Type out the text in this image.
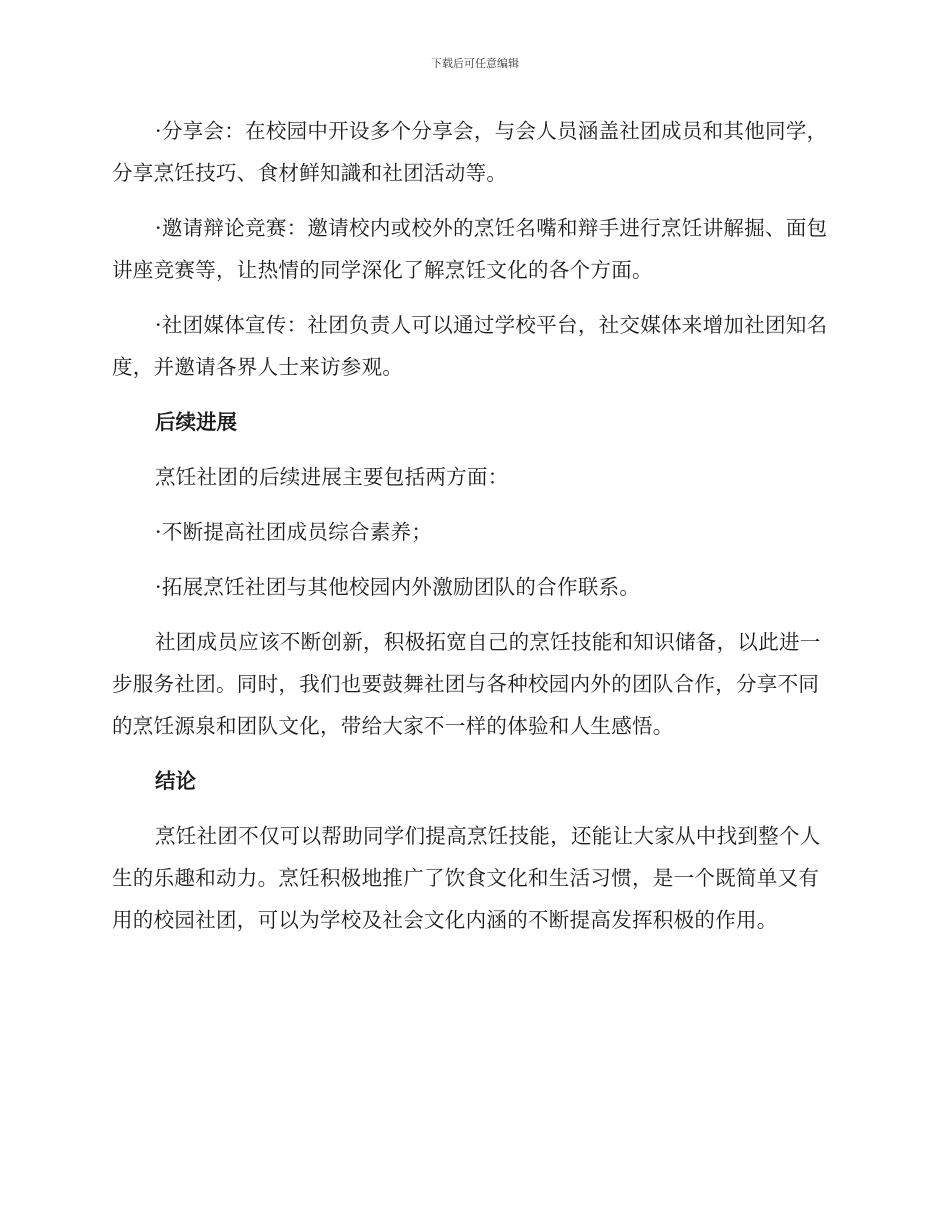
下载后可任意编辑

·分享会：在校园中开设多个分享会，与会人员涵盖社团成员和其他同学，分享烹饪技巧、食材鲜知識和社团活动等。

·邀请辩论竞赛：邀请校内或校外的烹饪名嘴和辩手进行烹饪讲解掘、面包讲座竞赛等，让热情的同学深化了解烹饪文化的各个方面。

·社团媒体宣传：社团负责人可以通过学校平台，社交媒体来增加社团知名度，并邀请各界人士来访参观。

后续进展

烹饪社团的后续进展主要包括两方面：

·不断提高社团成员综合素养；

·拓展烹饪社团与其他校园内外激励团队的合作联系。

社团成员应该不断创新，积极拓宽自己的烹饪技能和知识储备，以此进一步服务社团。同时，我们也要鼓舞社团与各种校园内外的团队合作，分享不同的烹饪源泉和团队文化，带给大家不一样的体验和人生感悟。

结论

烹饪社团不仅可以帮助同学们提高烹饪技能，还能让大家从中找到整个人生的乐趣和动力。烹饪积极地推广了饮食文化和生活习惯，是一个既简单又有用的校园社团，可以为学校及社会文化内涵的不断提高发挥积极的作用。
